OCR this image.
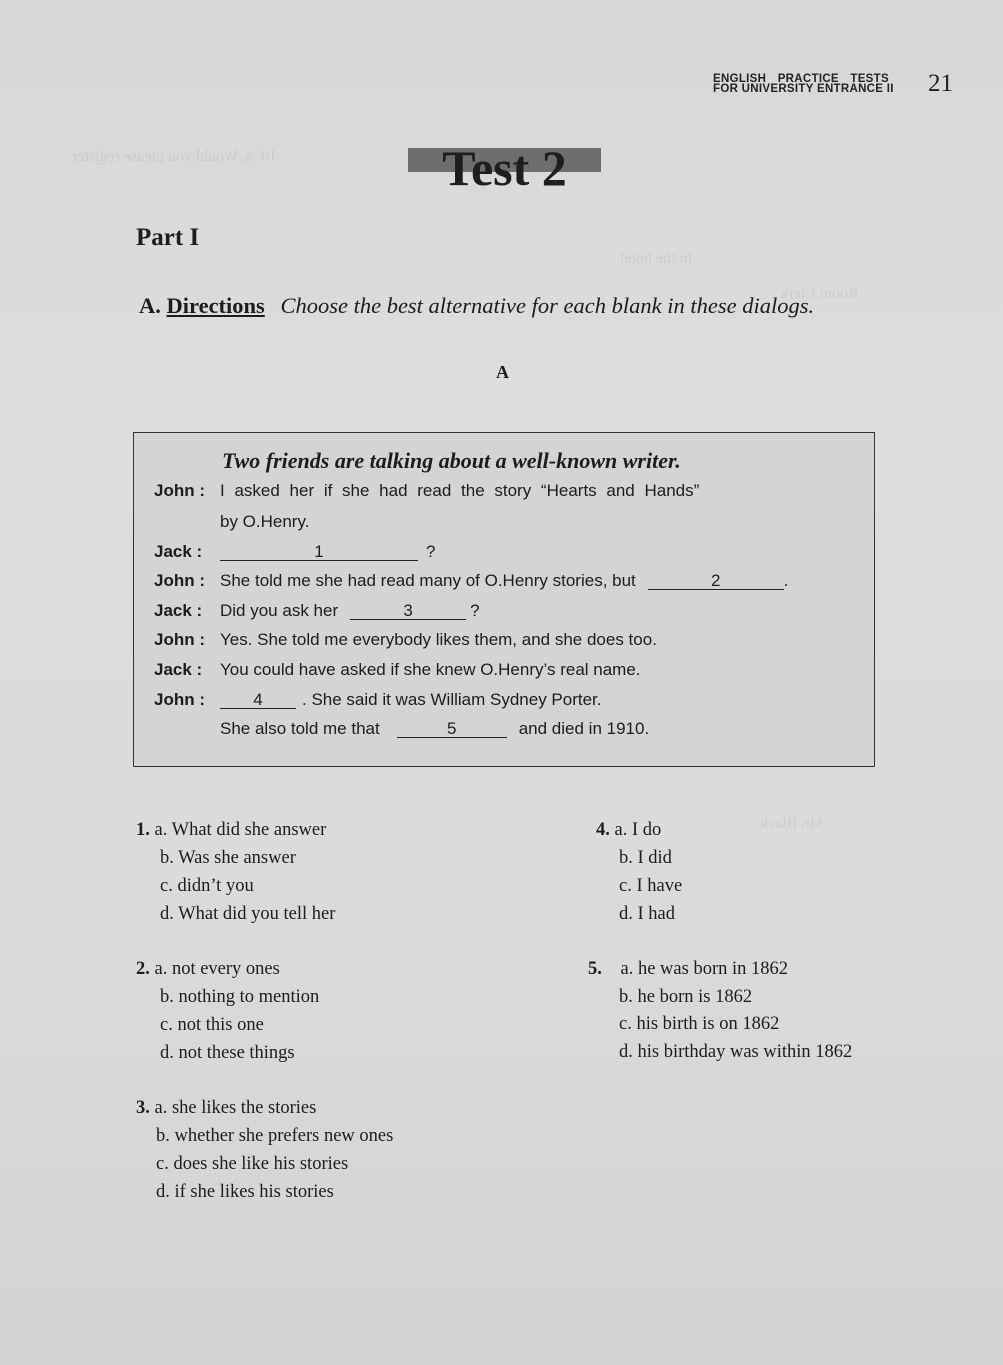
10. a. Would you please register
In the hotel
Room Clerk
Mr. Black
ENGLISH PRACTICE TESTS
FOR UNIVERSITY ENTRANCE II 21
Test 2
Part I
A. Directions Choose the best alternative for each blank in these dialogs.
A
Two friends are talking about a well-known writer.
John : I asked her if she had read the story “Hearts and Hands”
by O.Henry.
Jack :	1	?
John : She told me she had read many of O.Henry stories, but	2	.
Jack : Did you ask her	3	?
John : Yes. She told me everybody likes them, and she does too.
Jack : You could have asked if she knew O.Henry’s real name.
John :	4 . She said it was William Sydney Porter.
She also told me that	5	and died in 1910.
1. a. What did she answer
b. Was she answer
c. didn’t you
d. What did you tell her
4. a. I do
b. I did
c. I have
d. I had
2. a. not every ones
b. nothing to mention
c. not this one
d. not these things
5. a. he was born in 1862
b. he born is 1862
c. his birth is on 1862
d. his birthday was within 1862
3. a. she likes the stories
b. whether she prefers new ones
c. does she like his stories
d. if she likes his stories
